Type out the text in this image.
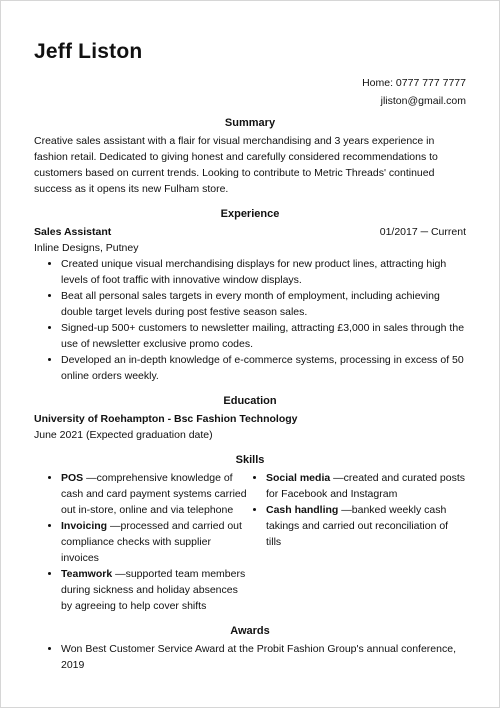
Jeff Liston
Home: 0777 777 7777
jliston@gmail.com
Summary

Creative sales assistant with a flair for visual merchandising and 3 years experience in fashion retail. Dedicated to giving honest and carefully considered recommendations to customers based on current trends. Looking to contribute to Metric Threads' continued success as it opens its new Fulham store.

Experience
Sales Assistant	01/2017 ─ Current
Inline Designs, Putney
• Created unique visual merchandising displays for new product lines, attracting high levels of foot traffic with innovative window displays.
• Beat all personal sales targets in every month of employment, including achieving double target levels during post festive season sales.
• Signed-up 500+ customers to newsletter mailing, attracting £3,000 in sales through the use of newsletter exclusive promo codes.
• Developed an in-depth knowledge of e-commerce systems, processing in excess of 50 online orders weekly.
Education
University of Roehampton - Bsc Fashion Technology
June 2021 (Expected graduation date)
Skills
• POS —comprehensive knowledge of cash and card payment systems carried out in-store, online and via telephone
• Invoicing —processed and carried out compliance checks with supplier invoices
• Teamwork —supported team members during sickness and holiday absences by agreeing to help cover shifts
• Social media —created and curated posts for Facebook and Instagram
• Cash handling —banked weekly cash takings and carried out reconciliation of tills
Awards
• Won Best Customer Service Award at the Probit Fashion Group's annual conference, 2019
